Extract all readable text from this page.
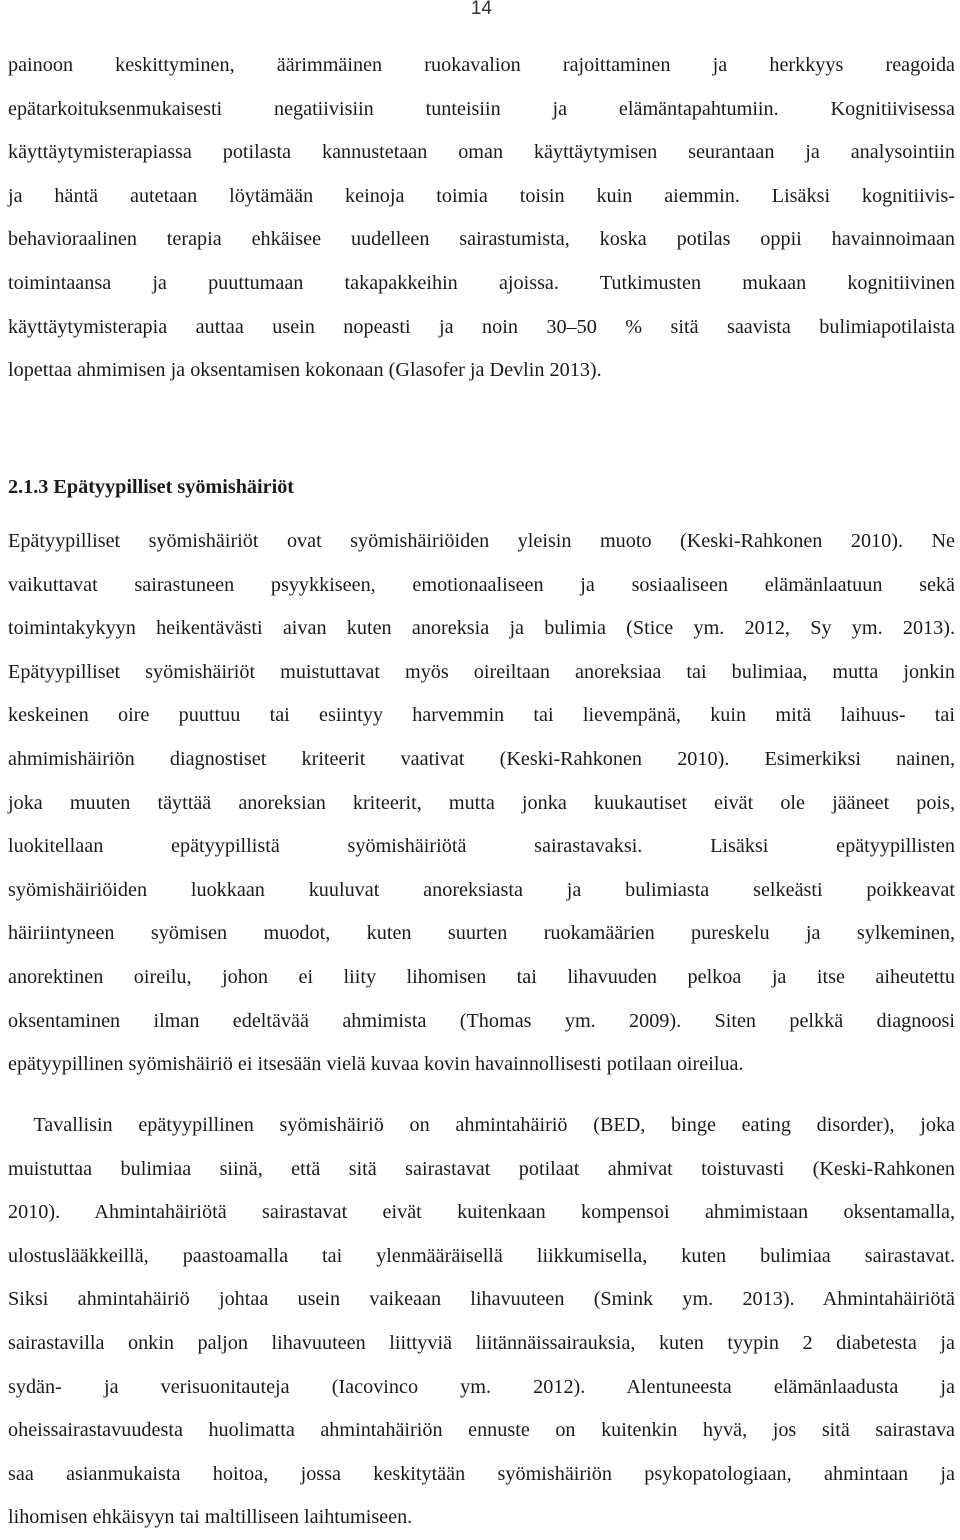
14
painoon keskittyminen, äärimmäinen ruokavalion rajoittaminen ja herkkyys reagoida
epätarkoituksenmukaisesti negatiivisiin tunteisiin ja elämäntapahtumiin. Kognitiivisessa
käyttäytymisterapiassa potilasta kannustetaan oman käyttäytymisen seurantaan ja analysointiin
ja häntä autetaan löytämään keinoja toimia toisin kuin aiemmin. Lisäksi kognitiivis-
behavioraalinen terapia ehkäisee uudelleen sairastumista, koska potilas oppii havainnoimaan
toimintaansa ja puuttumaan takapakkeihin ajoissa. Tutkimusten mukaan kognitiivinen
käyttäytymisterapia auttaa usein nopeasti ja noin 30–50 % sitä saavista bulimiapotilaista
lopettaa ahmimisen ja oksentamisen kokonaan (Glasofer ja Devlin 2013).
2.1.3 Epätyypilliset syömishäiriöt
Epätyypilliset syömishäiriöt ovat syömishäiriöiden yleisin muoto (Keski-Rahkonen 2010). Ne
vaikuttavat sairastuneen psyykkiseen, emotionaaliseen ja sosiaaliseen elämänlaatuun sekä
toimintakykyyn heikentävästi aivan kuten anoreksia ja bulimia (Stice ym. 2012, Sy ym. 2013).
Epätyypilliset syömishäiriöt muistuttavat myös oireiltaan anoreksiaa tai bulimiaa, mutta jonkin
keskeinen oire puuttuu tai esiintyy harvemmin tai lievempänä, kuin mitä laihuus- tai
ahmimishäiriön diagnostiset kriteerit vaativat (Keski-Rahkonen 2010). Esimerkiksi nainen,
joka muuten täyttää anoreksian kriteerit, mutta jonka kuukautiset eivät ole jääneet pois,
luokitellaan epätyypillistä syömishäiriötä sairastavaksi. Lisäksi epätyypillisten
syömishäiriöiden luokkaan kuuluvat anoreksiasta ja bulimiasta selkeästi poikkeavat
häiriintyneen syömisen muodot, kuten suurten ruokamäärien pureskelu ja sylkeminen,
anorektinen oireilu, johon ei liity lihomisen tai lihavuuden pelkoa ja itse aiheutettu
oksentaminen ilman edeltävää ahmimista (Thomas ym. 2009). Siten pelkkä diagnoosi
epätyypillinen syömishäiriö ei itsesään vielä kuvaa kovin havainnollisesti potilaan oireilua.
Tavallisin epätyypillinen syömishäiriö on ahmintahäiriö (BED, binge eating disorder), joka
muistuttaa bulimiaa siinä, että sitä sairastavat potilaat ahmivat toistuvasti (Keski-Rahkonen
2010). Ahmintahäiriötä sairastavat eivät kuitenkaan kompensoi ahmimistaan oksentamalla,
ulostuslääkkeillä, paastoamalla tai ylenmääräisellä liikkumisella, kuten bulimiaa sairastavat.
Siksi ahmintahäiriö johtaa usein vaikeaan lihavuuteen (Smink ym. 2013). Ahmintahäiriötä
sairastavilla onkin paljon lihavuuteen liittyviä liitännäissairauksia, kuten tyypin 2 diabetesta ja
sydän- ja verisuonitauteja (Iacovinco ym. 2012). Alentuneesta elämänlaadusta ja
oheissairastavuudesta huolimatta ahmintahäiriön ennuste on kuitenkin hyvä, jos sitä sairastava
saa asianmukaista hoitoa, jossa keskitytään syömishäiriön psykopatologiaan, ahmintaan ja
lihomisen ehkäisyyn tai maltilliseen laihtumiseen.
